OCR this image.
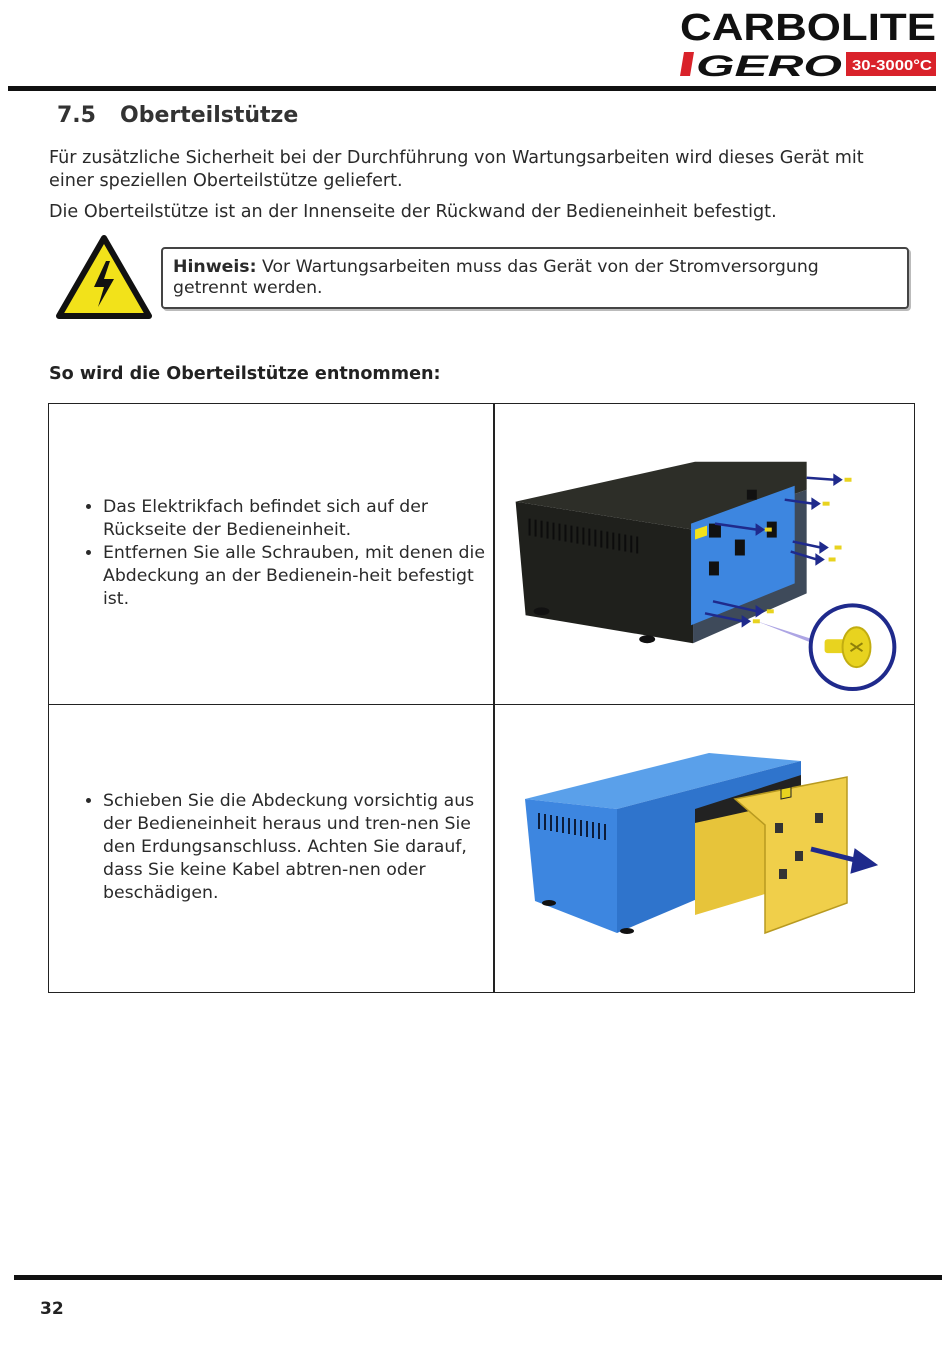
CARBOLITE
GERO 30-3000°C
7.5 Oberteilstütze

Für zusätzliche Sicherheit bei der Durchführung von Wartungsarbeiten wird dieses Gerät mit einer speziellen Oberteilstütze geliefert.

Die Oberteilstütze ist an der Innenseite der Rückwand der Bedieneinheit befestigt.

Hinweis: Vor Wartungsarbeiten muss das Gerät von der Stromversorgung getrennt werden.
So wird die Oberteilstütze entnommen:
• Das Elektrikfach befindet sich auf der Rückseite der Bedieneinheit.
• Entfernen Sie alle Schrauben, mit denen die Abdeckung an der Bedienein-heit befestigt ist.
• Schieben Sie die Abdeckung vorsichtig aus der Bedieneinheit heraus und tren-nen Sie den Erdungsanschluss. Achten Sie darauf, dass Sie keine Kabel abtren-nen oder beschädigen.
32
